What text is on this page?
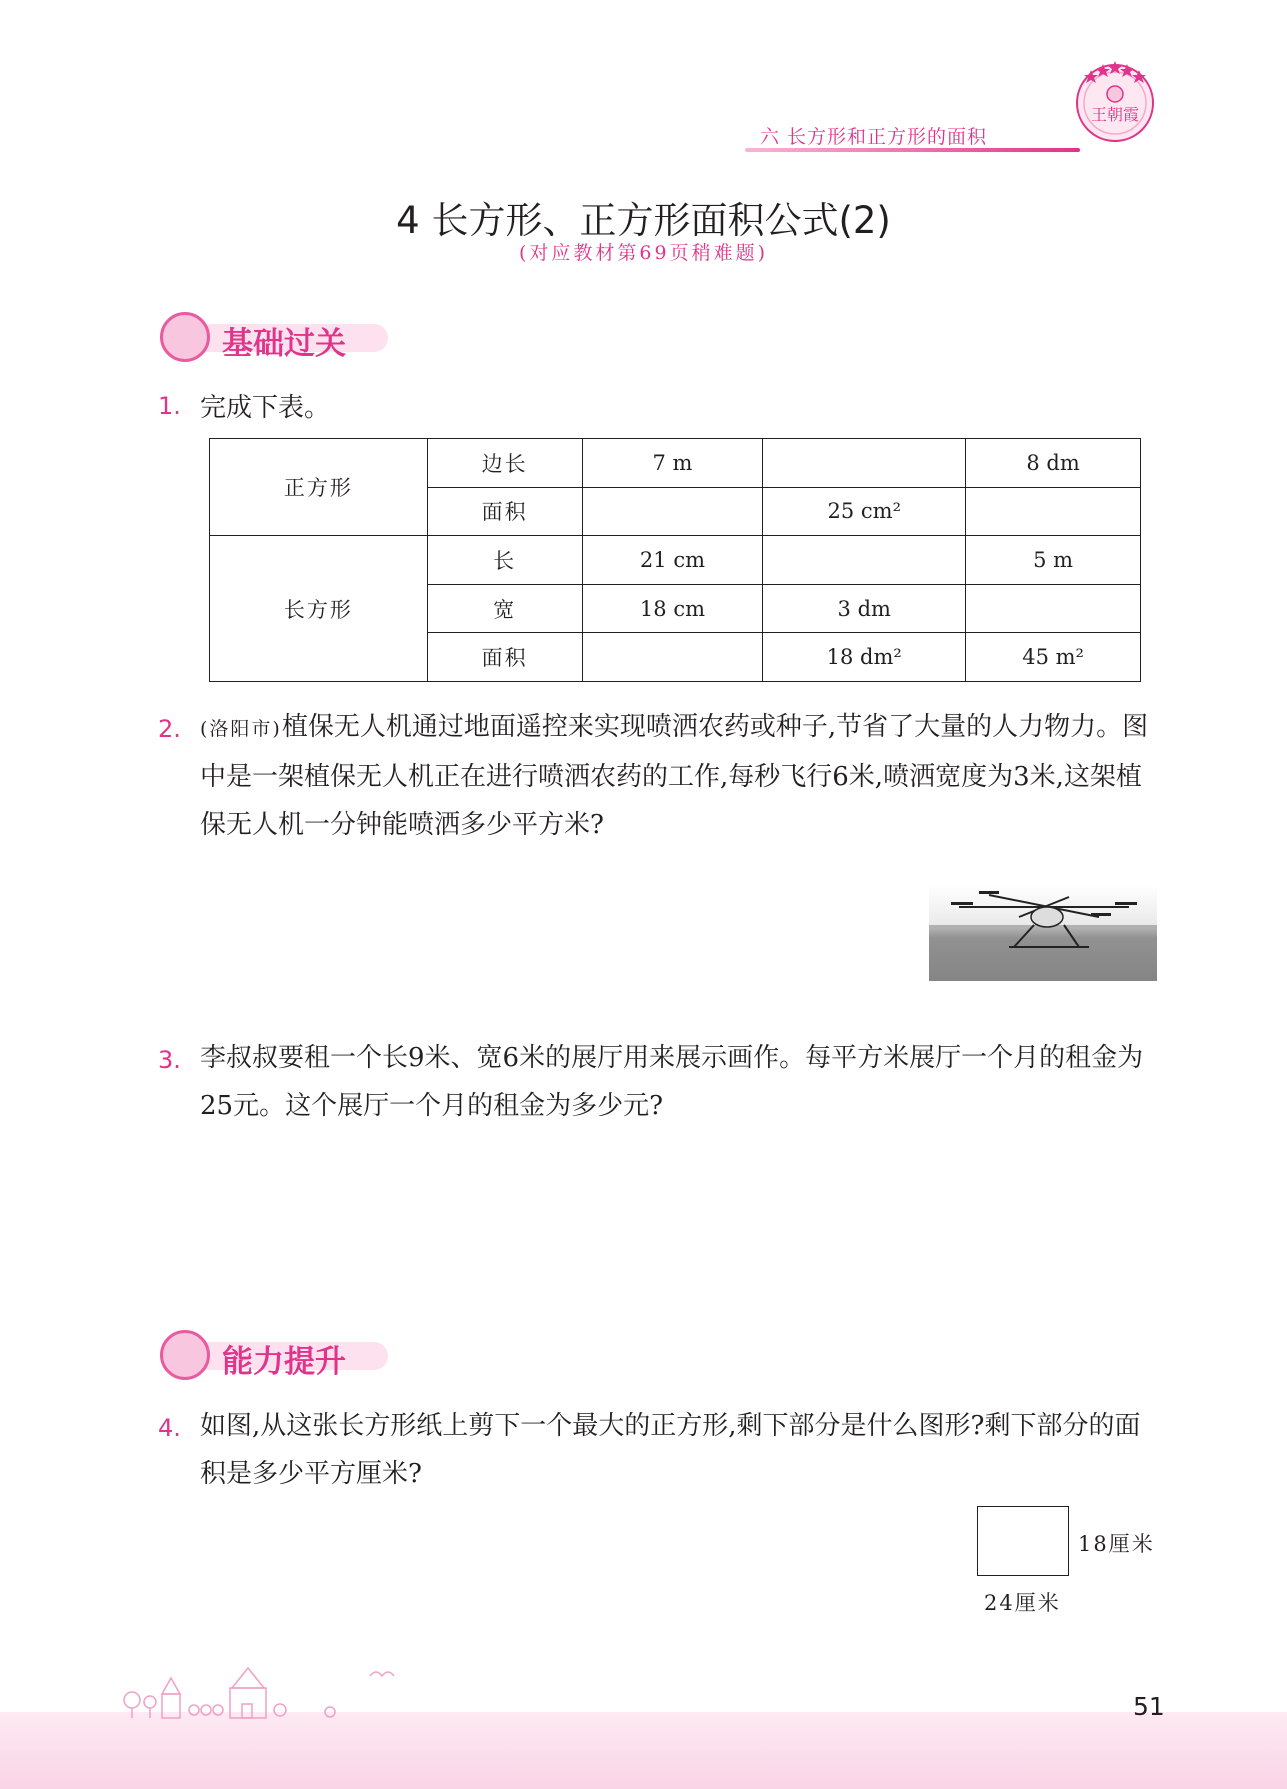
六 长方形和正方形的面积
王朝霞
4 长方形、正方形面积公式(2)
(对应教材第69页稍难题)
基础过关
1. 完成下表。
正方形	边长	7 m		8 dm
	面积		25 cm²	
长方形	长	21 cm		5 m
	宽	18 cm	3 dm	
	面积		18 dm²	45 m²
2. (洛阳市)植保无人机通过地面遥控来实现喷洒农药或种子,节省了大量的人力物力。图中是一架植保无人机正在进行喷洒农药的工作,每秒飞行6米,喷洒宽度为3米,这架植保无人机一分钟能喷洒多少平方米?
3. 李叔叔要租一个长9米、宽6米的展厅用来展示画作。每平方米展厅一个月的租金为25元。这个展厅一个月的租金为多少元?
能力提升
4. 如图,从这张长方形纸上剪下一个最大的正方形,剩下部分是什么图形?剩下部分的面积是多少平方厘米?
18厘米
24厘米
51
